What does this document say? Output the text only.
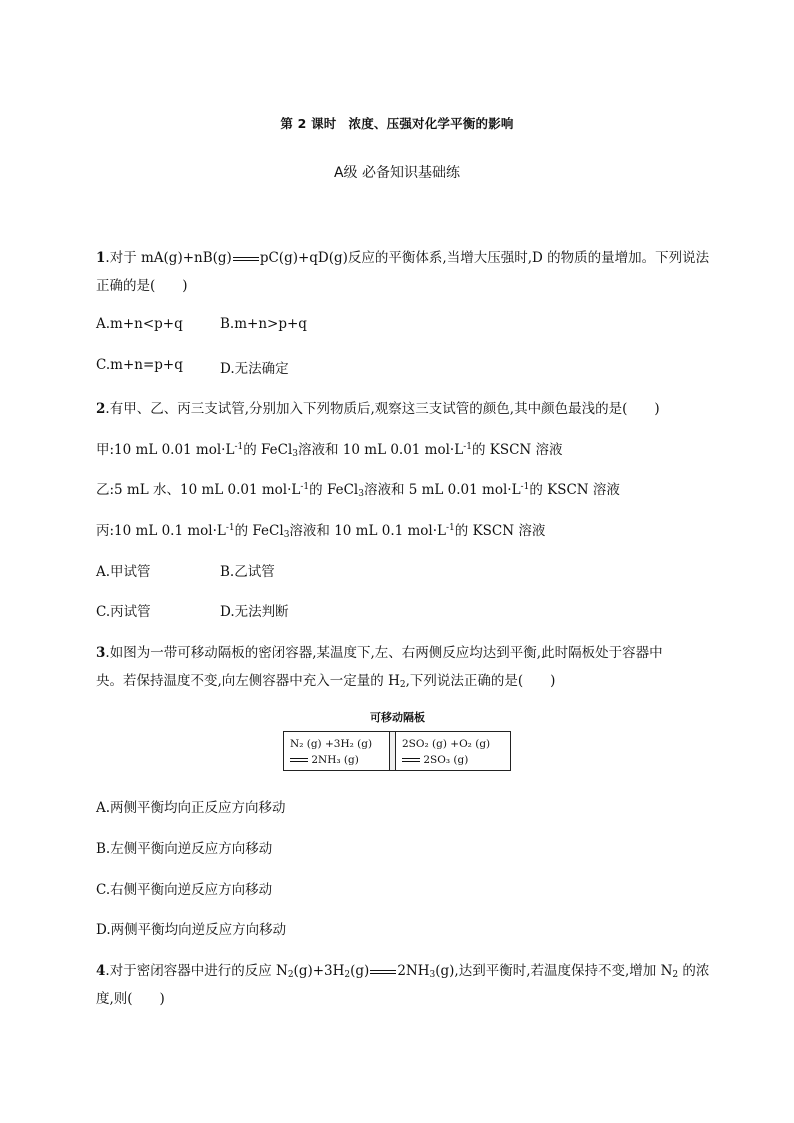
第 2 课时 浓度、压强对化学平衡的影响
A级 必备知识基础练
1.对于 mA(g)+nB(g) pC(g)+qD(g)反应的平衡体系,当增大压强时,D 的物质的量增加。下列说法
正确的是(　　)
A.m+n<p+q	B.m+n>p+q
C.m+n=p+q	D.无法确定
2.有甲、乙、丙三支试管,分别加入下列物质后,观察这三支试管的颜色,其中颜色最浅的是(　　)
甲:10 mL 0.01 $mol\cdot L^{-1}$的 FeCl$_3$溶液和 10 mL 0.01 $mol\cdot L^{-1}$的 KSCN 溶液
乙:5 mL 水、10 mL 0.01 $mol\cdot L^{-1}$的 FeCl$_3$溶液和 5 mL 0.01 $mol\cdot L^{-1}$的 KSCN 溶液
丙:10 mL 0.1 $mol\cdot L^{-1}$的 FeCl$_3$溶液和 10 mL 0.1 $mol\cdot L^{-1}$的 KSCN 溶液
A.甲试管	B.乙试管
C.丙试管	D.无法判断
3.如图为一带可移动隔板的密闭容器,某温度下,左、右两侧反应均达到平衡,此时隔板处于容器中
央。若保持温度不变,向左侧容器中充入一定量的 $H_2$,下列说法正确的是(　　)
可移动隔板
N₂ (g) +3H₂ (g)
2NH₃ (g)
2SO₂ (g) +O₂ (g)
2SO₃ (g)
A.两侧平衡均向正反应方向移动
B.左侧平衡向逆反应方向移动
C.右侧平衡向逆反应方向移动
D.两侧平衡均向逆反应方向移动
4.对于密闭容器中进行的反应 $N_2(g)+3H_2(g)$ $2NH_3(g)$,达到平衡时,若温度保持不变,增加 $N_2$ 的浓
度,则(　　)
